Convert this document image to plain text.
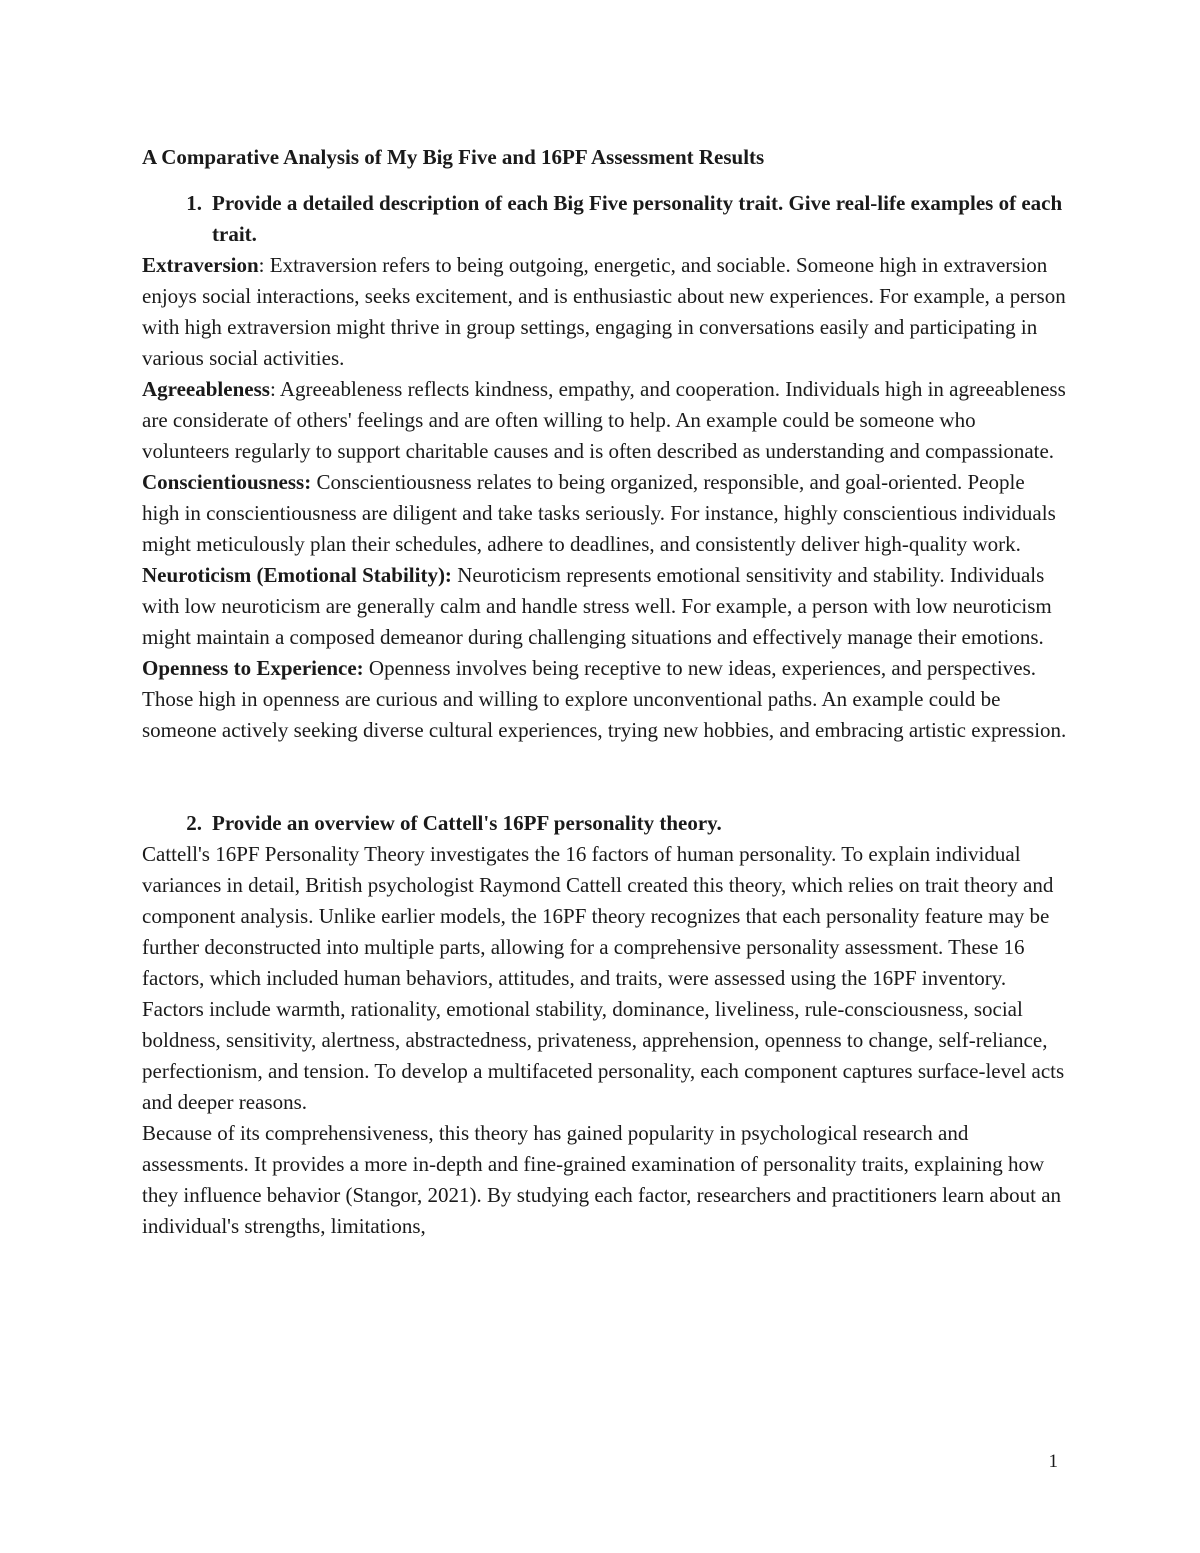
A Comparative Analysis of My Big Five and 16PF Assessment Results

1. Provide a detailed description of each Big Five personality trait. Give real-life examples of each trait.

Extraversion: Extraversion refers to being outgoing, energetic, and sociable. Someone high in extraversion enjoys social interactions, seeks excitement, and is enthusiastic about new experiences. For example, a person with high extraversion might thrive in group settings, engaging in conversations easily and participating in various social activities.

Agreeableness: Agreeableness reflects kindness, empathy, and cooperation. Individuals high in agreeableness are considerate of others' feelings and are often willing to help. An example could be someone who volunteers regularly to support charitable causes and is often described as understanding and compassionate.

Conscientiousness: Conscientiousness relates to being organized, responsible, and goal-oriented. People high in conscientiousness are diligent and take tasks seriously. For instance, highly conscientious individuals might meticulously plan their schedules, adhere to deadlines, and consistently deliver high-quality work.

Neuroticism (Emotional Stability): Neuroticism represents emotional sensitivity and stability. Individuals with low neuroticism are generally calm and handle stress well. For example, a person with low neuroticism might maintain a composed demeanor during challenging situations and effectively manage their emotions.

Openness to Experience: Openness involves being receptive to new ideas, experiences, and perspectives. Those high in openness are curious and willing to explore unconventional paths. An example could be someone actively seeking diverse cultural experiences, trying new hobbies, and embracing artistic expression.

2. Provide an overview of Cattell's 16PF personality theory.

Cattell's 16PF Personality Theory investigates the 16 factors of human personality. To explain individual variances in detail, British psychologist Raymond Cattell created this theory, which relies on trait theory and component analysis. Unlike earlier models, the 16PF theory recognizes that each personality feature may be further deconstructed into multiple parts, allowing for a comprehensive personality assessment. These 16 factors, which included human behaviors, attitudes, and traits, were assessed using the 16PF inventory. Factors include warmth, rationality, emotional stability, dominance, liveliness, rule-consciousness, social boldness, sensitivity, alertness, abstractedness, privateness, apprehension, openness to change, self-reliance, perfectionism, and tension. To develop a multifaceted personality, each component captures surface-level acts and deeper reasons.

Because of its comprehensiveness, this theory has gained popularity in psychological research and assessments. It provides a more in-depth and fine-grained examination of personality traits, explaining how they influence behavior (Stangor, 2021). By studying each factor, researchers and practitioners learn about an individual's strengths, limitations,

1
